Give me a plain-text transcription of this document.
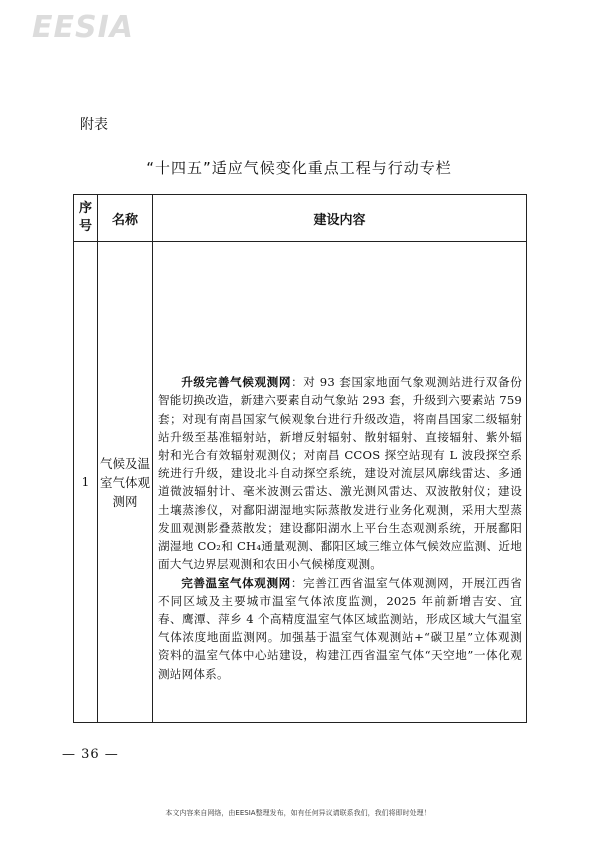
EESIA
附表
“十四五”适应气候变化重点工程与行动专栏
序号	名称	建设内容
1	气候及温室气体观测网	升级完善气候观测网：对 93 套国家地面气象观测站进行双备份智能切换改造，新建六要素自动气象站 293 套，升级到六要素站 759 套；对现有南昌国家气候观象台进行升级改造，将南昌国家二级辐射站升级至基准辐射站，新增反射辐射、散射辐射、直接辐射、紫外辐射和光合有效辐射观测仪；对南昌 CCOS 探空站现有 L 波段探空系统进行升级，建设北斗自动探空系统，建设对流层风廓线雷达、多通道微波辐射计、毫米波测云雷达、激光测风雷达、双波散射仪；建设土壤蒸渗仪，对鄱阳湖湿地实际蒸散发进行业务化观测，采用大型蒸发皿观测影叠蒸散发；建设鄱阳湖水上平台生态观测系统，开展鄱阳湖湿地 CO₂和 CH₄通量观测、鄱阳区域三维立体气候效应监测、近地面大气边界层观测和农田小气候梯度观测。

完善温室气体观测网：完善江西省温室气体观测网，开展江西省不同区域及主要城市温室气体浓度监测，2025 年前新增吉安、宜春、鹰潭、萍乡 4 个高精度温室气体区域监测站，形成区域大气温室气体浓度地面监测网。加强基于温室气体观测站+“碳卫星”立体观测资料的温室气体中心站建设，构建江西省温室气体“天空地”一体化观测站网体系。

— 36 —
本文内容来自网络，由EESIA整理发布，如有任何异议请联系我们，我们将即时处理！
